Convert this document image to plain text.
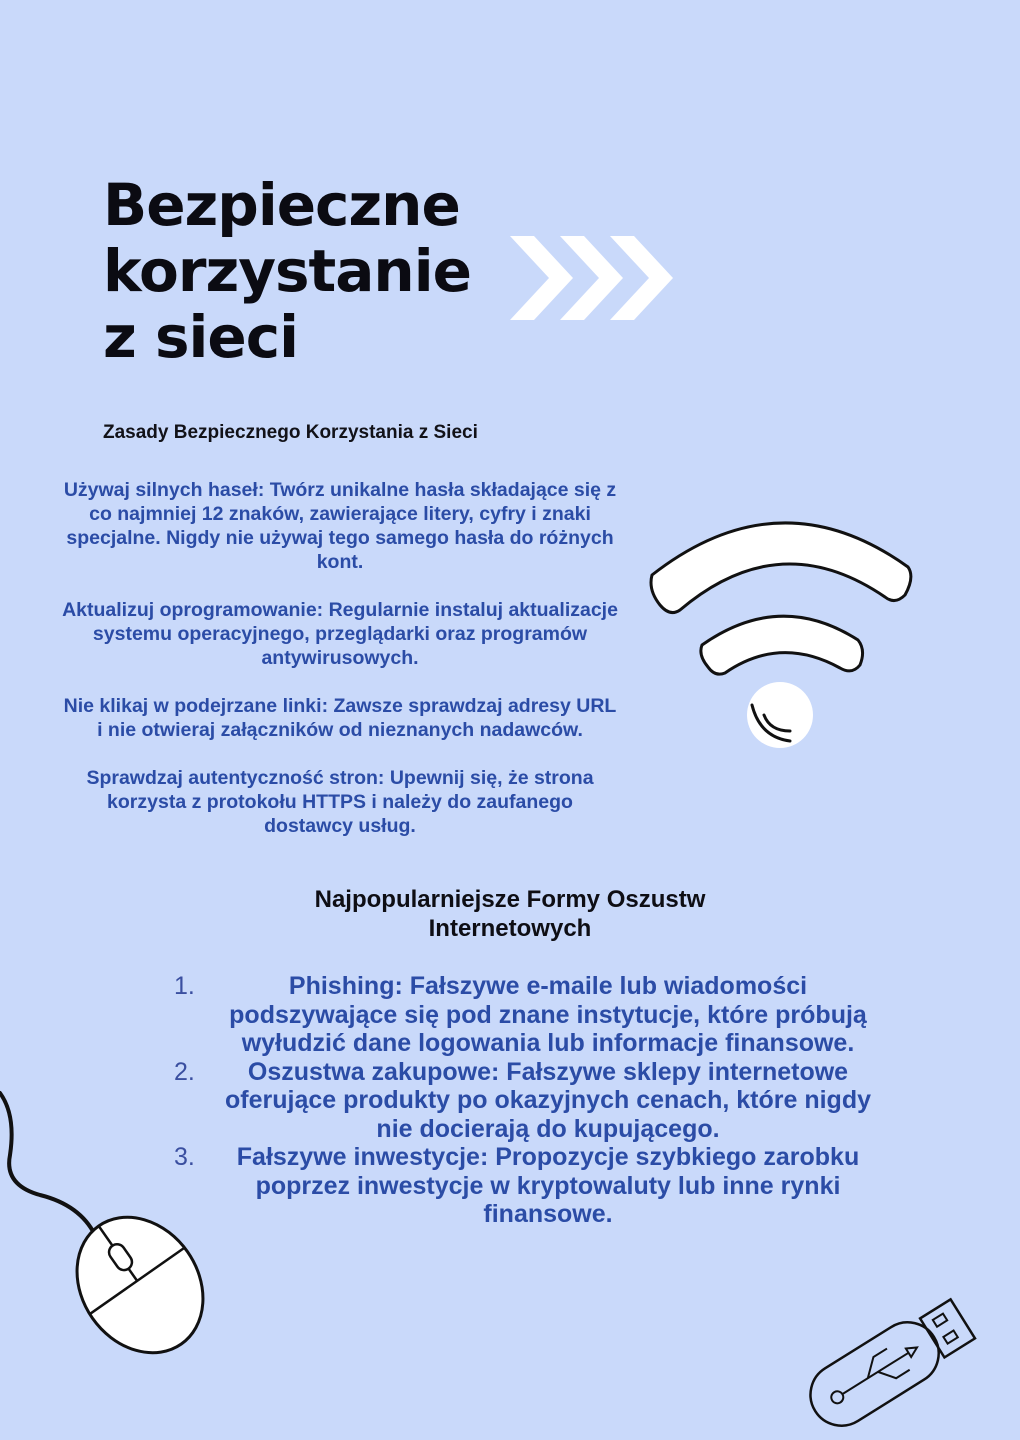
Bezpieczne
korzystanie
z sieci
Zasady Bezpiecznego Korzystania z Sieci

Używaj silnych haseł: Twórz unikalne hasła składające się z co najmniej 12 znaków, zawierające litery, cyfry i znaki specjalne. Nigdy nie używaj tego samego hasła do różnych kont.

Aktualizuj oprogramowanie: Regularnie instaluj aktualizacje systemu operacyjnego, przeglądarki oraz programów antywirusowych.

Nie klikaj w podejrzane linki: Zawsze sprawdzaj adresy URL i nie otwieraj załączników od nieznanych nadawców.

Sprawdzaj autentyczność stron: Upewnij się, że strona korzysta z protokołu HTTPS i należy do zaufanego dostawcy usług.

Najpopularniejsze Formy Oszustw Internetowych
1.	Phishing: Fałszywe e-maile lub wiadomości podszywające się pod znane instytucje, które próbują wyłudzić dane logowania lub informacje finansowe.
2. Oszustwa zakupowe: Fałszywe sklepy internetowe oferujące produkty po okazyjnych cenach, które nigdy nie docierają do kupującego.
3. Fałszywe inwestycje: Propozycje szybkiego zarobku poprzez inwestycje w kryptowaluty lub inne rynki finansowe.
